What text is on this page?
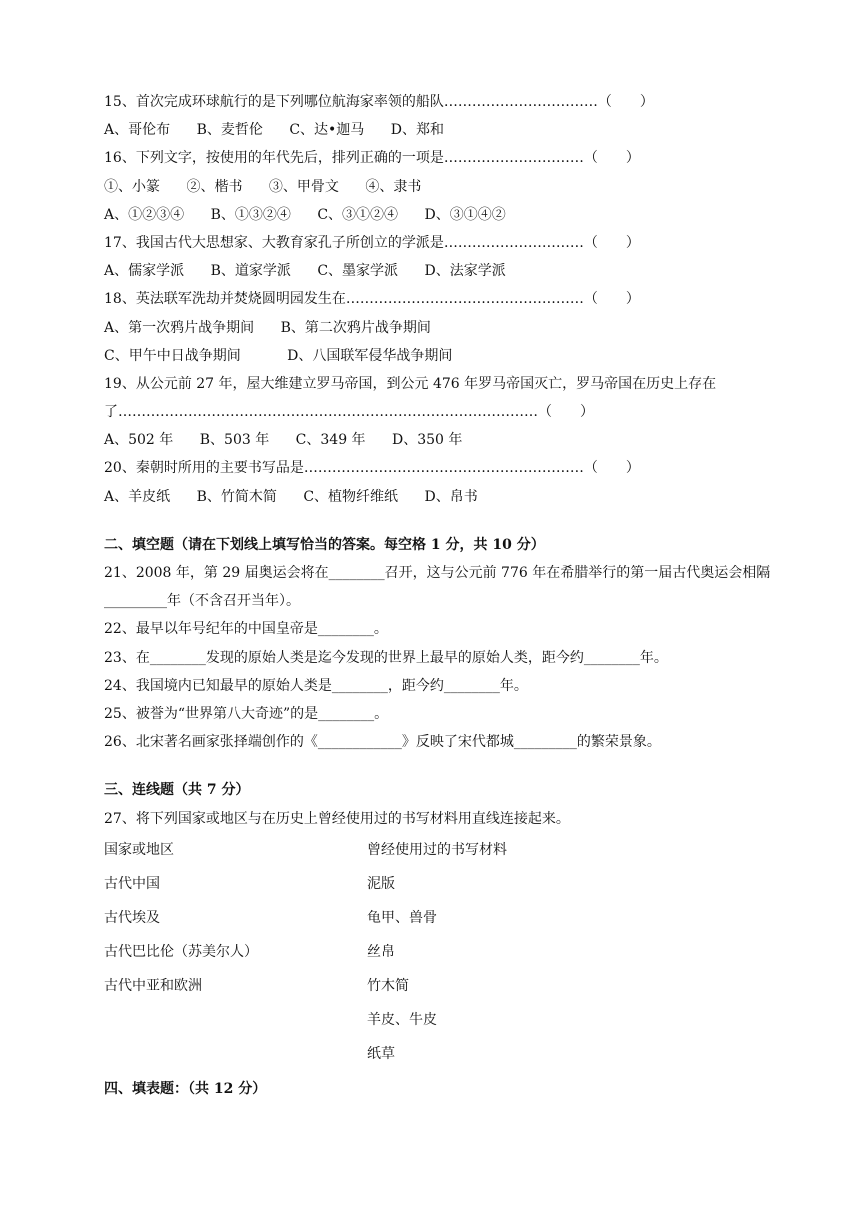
15、首次完成环球航行的是下列哪位航海家率领的船队……………………………（　　）
A、哥伦布 B、麦哲伦 C、达•迦马 D、郑和
16、下列文字，按使用的年代先后，排列正确的一项是…………………………（　　）
①、小篆 ②、楷书 ③、甲骨文 ④、隶书
A、①②③④ B、①③②④ C、③①②④ D、③①④②
17、我国古代大思想家、大教育家孔子所创立的学派是…………………………（　　）
A、儒家学派 B、道家学派 C、墨家学派 D、法家学派
18、英法联军洗劫并焚烧圆明园发生在……………………………………………（　　）
A、第一次鸦片战争期间 B、第二次鸦片战争期间
C、甲午中日战争期间	D、八国联军侵华战争期间
19、从公元前 27 年，屋大维建立罗马帝国，到公元 476 年罗马帝国灭亡，罗马帝国在历史上存在
了………………………………………………………………………………（　　）
A、502 年 B、503 年 C、349 年 D、350 年
20、秦朝时所用的主要书写品是……………………………………………………（　　）
A、羊皮纸 B、竹简木简 C、植物纤维纸 D、帛书
二、填空题（请在下划线上填写恰当的答案。每空格 1 分，共 10 分）
21、2008 年，第 29 届奥运会将在________召开，这与公元前 776 年在希腊举行的第一届古代奥运会相隔
_________年（不含召开当年）。
22、最早以年号纪年的中国皇帝是________。
23、在________发现的原始人类是迄今发现的世界上最早的原始人类，距今约________年。
24、我国境内已知最早的原始人类是________，距今约________年。
25、被誉为“世界第八大奇迹”的是________。
26、北宋著名画家张择端创作的《____________》反映了宋代都城_________的繁荣景象。
三、连线题（共 7 分）
27、将下列国家或地区与在历史上曾经使用过的书写材料用直线连接起来。
国家或地区	曾经使用过的书写材料
古代中国	泥版
古代埃及	龟甲、兽骨
古代巴比伦（苏美尔人）	丝帛
古代中亚和欧洲	竹木简
羊皮、牛皮
纸草
四、填表题：（共 12 分）
